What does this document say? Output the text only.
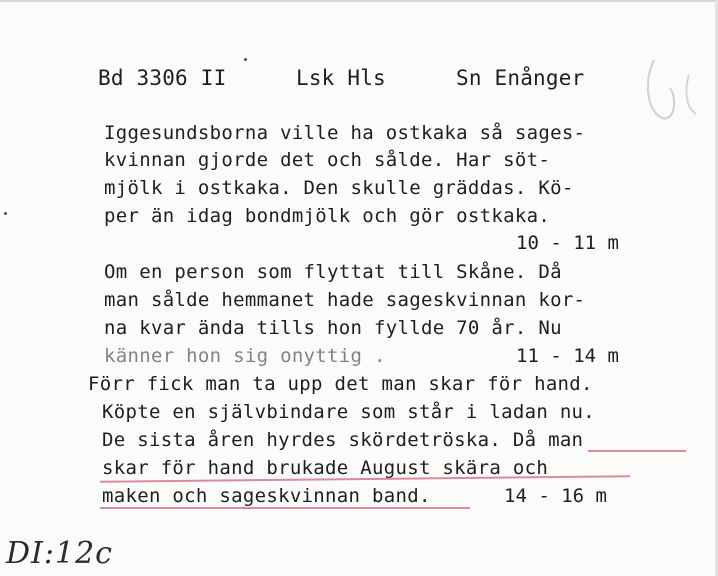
Bd 3306 II	Lsk Hls	Sn Enånger
Iggesundsborna ville ha ostkaka så sages-
kvinnan gjorde det och sålde. Har söt-
mjölk i ostkaka. Den skulle gräddas. Kö-
per än idag bondmjölk och gör ostkaka.
10 - 11 m
Om en person som flyttat till Skåne. Då
man sålde hemmanet hade sageskvinnan kor-
na kvar ända tills hon fyllde 70 år. Nu
känner hon sig onyttig .	11 - 14 m
Förr fick man ta upp det man skar för hand.
Köpte en självbindare som står i ladan nu.
De sista åren hyrdes skördetröska. Då man
skar för hand brukade August skära och
maken och sageskvinnan band.	14 - 16 m
DI:12c
